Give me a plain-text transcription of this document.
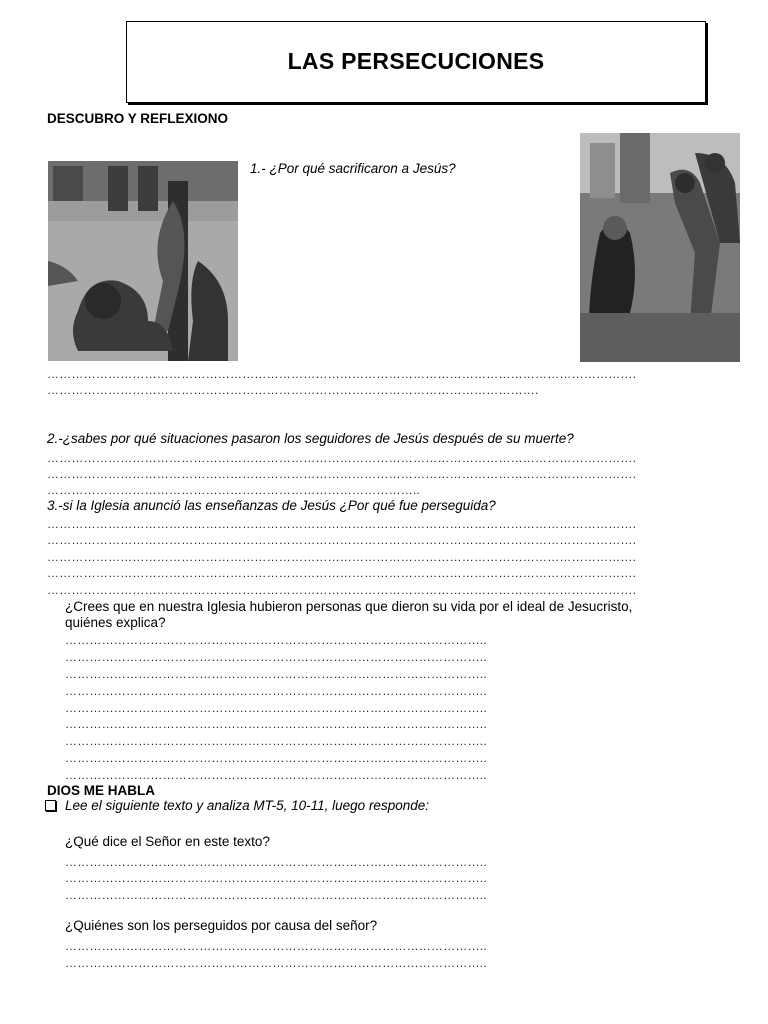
LAS PERSECUCIONES
DESCUBRO Y REFLEXIONO
1.- ¿Por qué sacrificaron a Jesús?
……………………………………………………………………………………………………………………………….
………………………………………………………………………………………………………….
2.-¿sabes por qué situaciones pasaron los seguidores de Jesús después de su muerte?
……………………………………………………………………………………………………………………………….
……………………………………………………………………………………………………………………………….
………………………………………………………………………………..
3.-si la Iglesia anunció las enseñanzas de Jesús ¿Por qué fue perseguida?
……………………………………………………………………………………………………………………………….
……………………………………………………………………………………………………………………………….
……………………………………………………………………………………………………………………………….
……………………………………………………………………………………………………………………………….
……………………………………………………………………………………………………………………………….
¿Crees que en nuestra Iglesia hubieron personas que dieron su vida por el ideal de Jesucristo,
quiénes explica?
…………………………………………………………………………………………..
…………………………………………………………………………………………..
…………………………………………………………………………………………..
…………………………………………………………………………………………..
…………………………………………………………………………………………..
…………………………………………………………………………………………..
…………………………………………………………………………………………..
…………………………………………………………………………………………..
…………………………………………………………………………………………..
DIOS ME HABLA
Lee el siguiente texto y analiza MT-5, 10-11, luego responde:
¿Qué dice el Señor en este texto?
…………………………………………………………………………………………..
…………………………………………………………………………………………..
…………………………………………………………………………………………..
¿Quiénes son los perseguidos por causa del señor?
…………………………………………………………………………………………..
…………………………………………………………………………………………..
